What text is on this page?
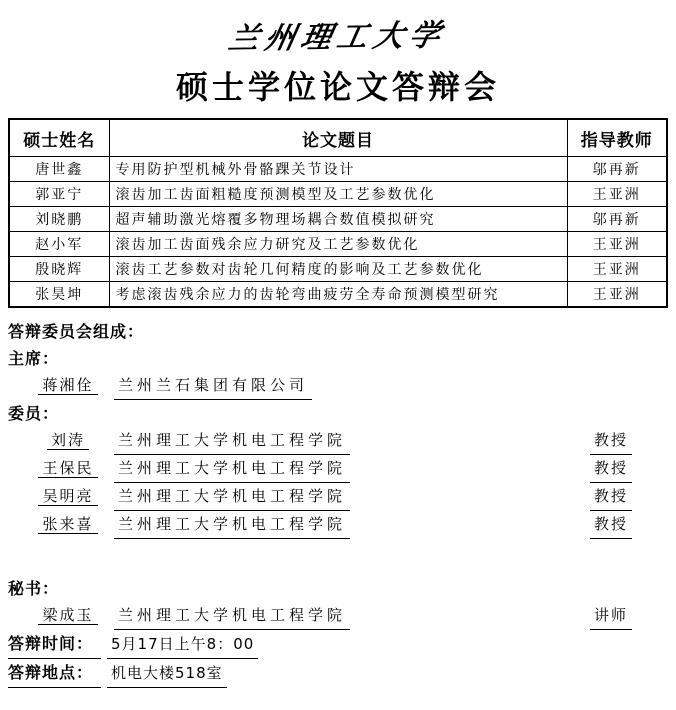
兰州理工大学
硕士学位论文答辩会
硕士姓名	论文题目	指导教师
唐世鑫	专用防护型机械外骨骼踝关节设计	邬再新
郭亚宁	滚齿加工齿面粗糙度预测模型及工艺参数优化	王亚洲
刘晓鹏	超声辅助激光熔覆多物理场耦合数值模拟研究	邬再新
赵小军	滚齿加工齿面残余应力研究及工艺参数优化	王亚洲
殷晓辉	滚齿工艺参数对齿轮几何精度的影响及工艺参数优化	王亚洲
张昊坤	考虑滚齿残余应力的齿轮弯曲疲劳全寿命预测模型研究	王亚洲
答辩委员会组成：
主席：
蒋湘佺	兰州兰石集团有限公司
委员：
刘涛	兰州理工大学机电工程学院	教授
王保民	兰州理工大学机电工程学院	教授
吴明亮	兰州理工大学机电工程学院	教授
张来喜	兰州理工大学机电工程学院	教授
秘书：
梁成玉	兰州理工大学机电工程学院	讲师
答辩时间：	5月17日上午8：00
答辩地点：	机电大楼518室
